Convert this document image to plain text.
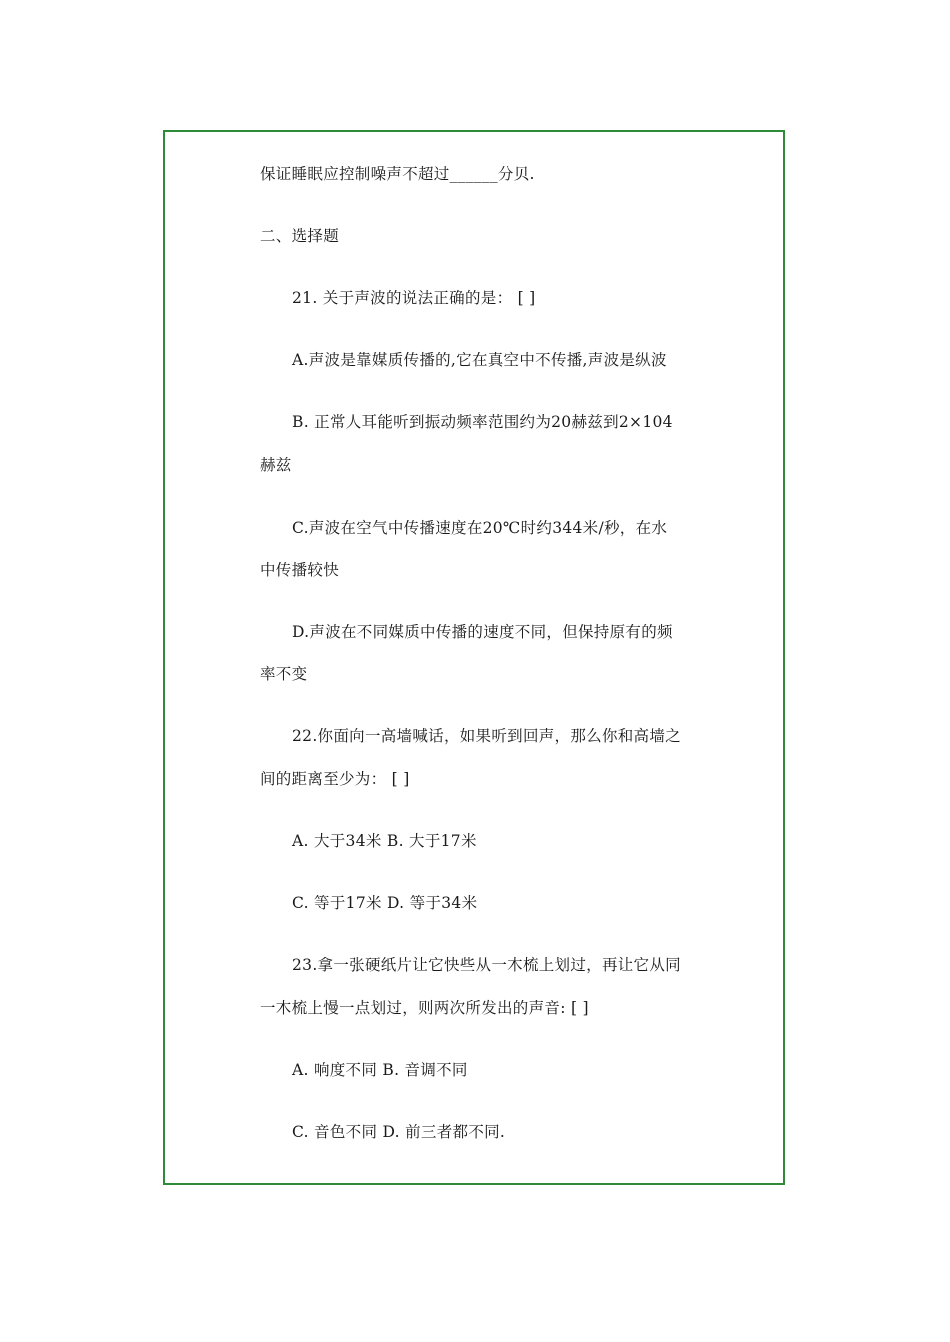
保证睡眠应控制噪声不超过______分贝.
二、选择题
21. 关于声波的说法正确的是： [ ]
A.声波是靠媒质传播的,它在真空中不传播,声波是纵波
B. 正常人耳能听到振动频率范围约为20赫兹到2×104
赫兹
C.声波在空气中传播速度在20℃时约344米/秒，在水
中传播较快
D.声波在不同媒质中传播的速度不同，但保持原有的频
率不变
22.你面向一高墙喊话，如果听到回声，那么你和高墙之
间的距离至少为： [ ]
A. 大于34米 B. 大于17米
C. 等于17米 D. 等于34米
23.拿一张硬纸片让它快些从一木梳上划过，再让它从同
一木梳上慢一点划过，则两次所发出的声音: [ ]
A. 响度不同 B. 音调不同
C. 音色不同 D. 前三者都不同.
